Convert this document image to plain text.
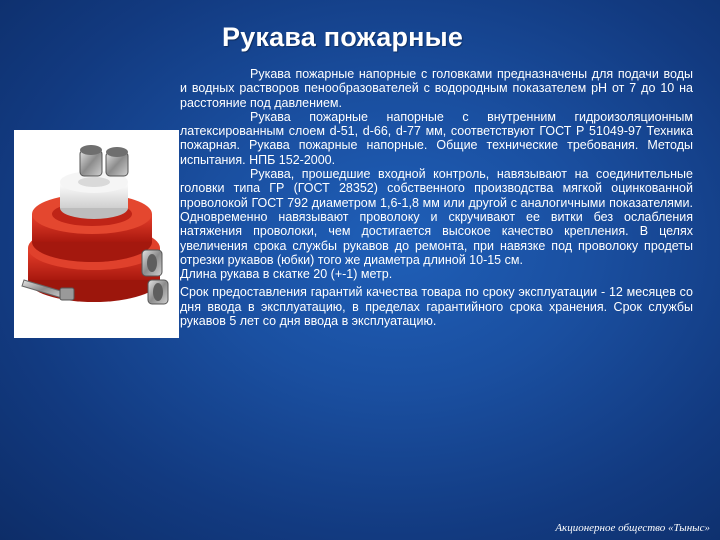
Рукава пожарные

Рукава пожарные напорные с головками предназначены для подачи воды и водных растворов пенообразователей с водородным показателем pH от 7 до 10 на расстояние под давлением.

Рукава пожарные напорные с внутренним гидроизоляционным латексированным слоем d-51, d-66, d-77 мм, соответствуют ГОСТ Р 51049-97 Техника пожарная. Рукава пожарные напорные. Общие технические требования. Методы испытания. НПБ 152-2000.

Рукава, прошедшие входной контроль, навязывают на соединительные головки типа ГР (ГОСТ 28352) собственного производства мягкой оцинкованной проволокой ГОСТ 792 диаметром 1,6-1,8 мм или другой с аналогичными показателями. Одновременно навязывают проволоку и скручивают ее витки без ослабления натяжения проволоки, чем достигается высокое качество крепления. В целях увеличения срока службы рукавов до ремонта, при навязке под проволоку продеты отрезки рукавов (юбки) того же диаметра длиной 10-15 см.

Длина рукава в скатке 20 (+-1) метр.

Срок предоставления гарантий качества товара по сроку эксплуатации - 12 месяцев со дня ввода в эксплуатацию, в пределах гарантийного срока хранения. Срок службы рукавов 5 лет со дня ввода в эксплуатацию.

Акционерное общество «Тыныс»
